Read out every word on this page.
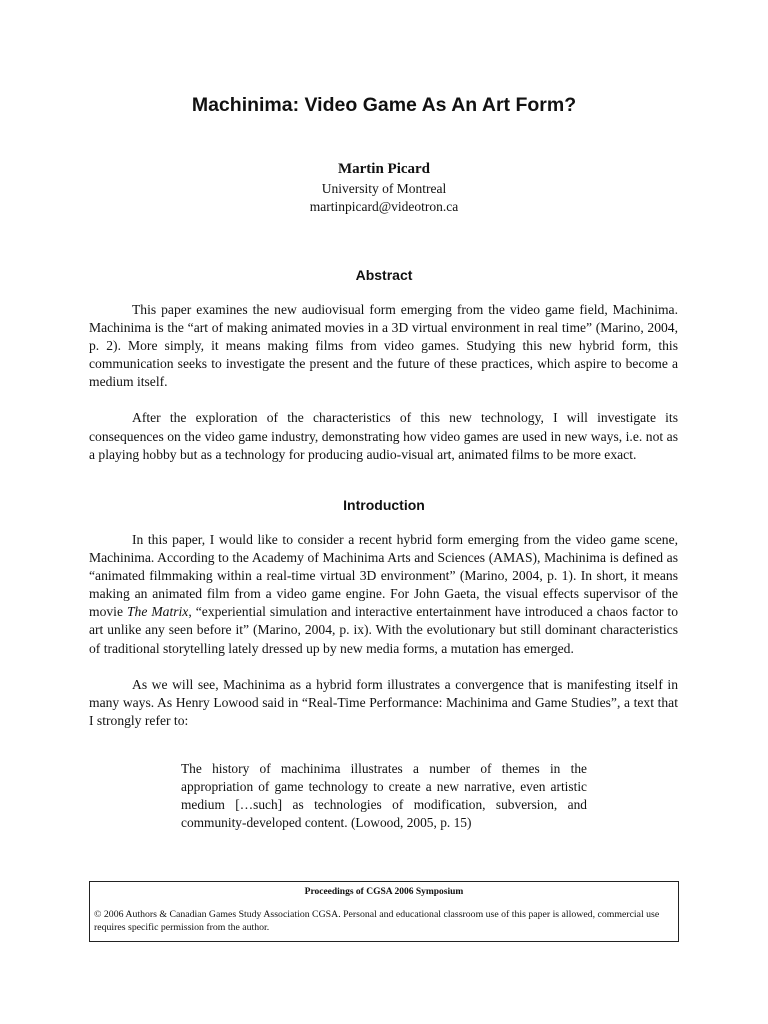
Machinima: Video Game As An Art Form?
Martin Picard
University of Montreal
martinpicard@videotron.ca
Abstract

This paper examines the new audiovisual form emerging from the video game field, Machinima. Machinima is the “art of making animated movies in a 3D virtual environment in real time” (Marino, 2004, p. 2). More simply, it means making films from video games. Studying this new hybrid form, this communication seeks to investigate the present and the future of these practices, which aspire to become a medium itself.

After the exploration of the characteristics of this new technology, I will investigate its consequences on the video game industry, demonstrating how video games are used in new ways, i.e. not as a playing hobby but as a technology for producing audio-visual art, animated films to be more exact.

Introduction

In this paper, I would like to consider a recent hybrid form emerging from the video game scene, Machinima. According to the Academy of Machinima Arts and Sciences (AMAS), Machinima is defined as “animated filmmaking within a real-time virtual 3D environment” (Marino, 2004, p. 1). In short, it means making an animated film from a video game engine. For John Gaeta, the visual effects supervisor of the movie The Matrix, “experiential simulation and interactive entertainment have introduced a chaos factor to art unlike any seen before it” (Marino, 2004, p. ix). With the evolutionary but still dominant characteristics of traditional storytelling lately dressed up by new media forms, a mutation has emerged.

As we will see, Machinima as a hybrid form illustrates a convergence that is manifesting itself in many ways. As Henry Lowood said in “Real-Time Performance: Machinima and Game Studies”, a text that I strongly refer to:

The history of machinima illustrates a number of themes in the appropriation of game technology to create a new narrative, even artistic medium […such] as technologies of modification, subversion, and community-developed content. (Lowood, 2005, p. 15)
Proceedings of CGSA 2006 Symposium
© 2006 Authors & Canadian Games Study Association CGSA. Personal and educational classroom use of this paper is allowed, commercial use requires specific permission from the author.
